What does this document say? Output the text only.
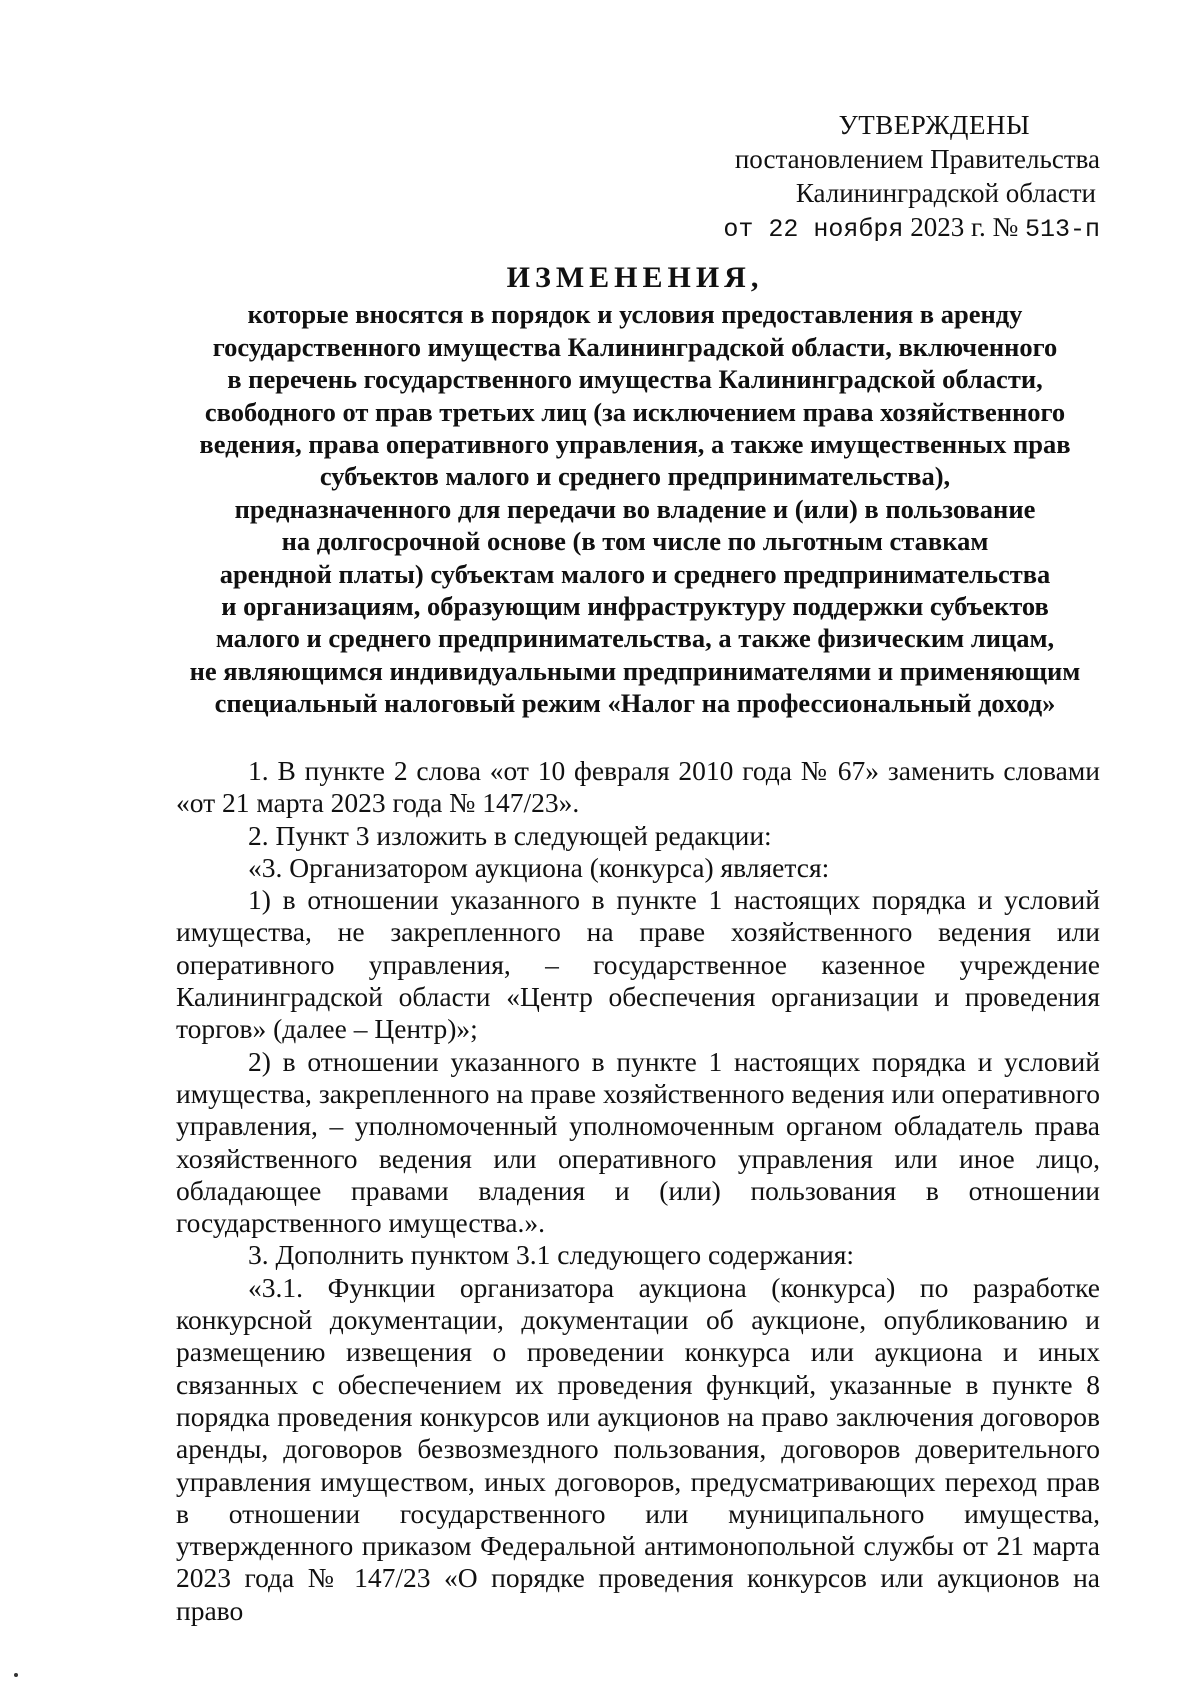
УТВЕРЖДЕНЫ
постановлением Правительства
Калининградской области
от 22 ноября 2023 г. № 513-п
ИЗМЕНЕНИЯ,
которые вносятся в порядок и условия предоставления в аренду
государственного имущества Калининградской области, включенного
в перечень государственного имущества Калининградской области,
свободного от прав третьих лиц (за исключением права хозяйственного
ведения, права оперативного управления, а также имущественных прав
субъектов малого и среднего предпринимательства),
предназначенного для передачи во владение и (или) в пользование
на долгосрочной основе (в том числе по льготным ставкам
арендной платы) субъектам малого и среднего предпринимательства
и организациям, образующим инфраструктуру поддержки субъектов
малого и среднего предпринимательства, а также физическим лицам,
не являющимся индивидуальными предпринимателями и применяющим
специальный налоговый режим «Налог на профессиональный доход»

1. В пункте 2 слова «от 10 февраля 2010 года № 67» заменить словами «от 21 марта 2023 года № 147/23».

2. Пункт 3 изложить в следующей редакции:

«3. Организатором аукциона (конкурса) является:

1) в отношении указанного в пункте 1 настоящих порядка и условий имущества, не закрепленного на праве хозяйственного ведения или оперативного управления, – государственное казенное учреждение Калининградской области «Центр обеспечения организации и проведения торгов» (далее – Центр)»;

2) в отношении указанного в пункте 1 настоящих порядка и условий имущества, закрепленного на праве хозяйственного ведения или оперативного управления, – уполномоченный уполномоченным органом обладатель права хозяйственного ведения или оперативного управления или иное лицо, обладающее правами владения и (или) пользования в отношении государственного имущества.».

3. Дополнить пунктом 3.1 следующего содержания:

«3.1. Функции организатора аукциона (конкурса) по разработке конкурсной документации, документации об аукционе, опубликованию и размещению извещения о проведении конкурса или аукциона и иных связанных с обеспечением их проведения функций, указанные в пункте 8 порядка проведения конкурсов или аукционов на право заключения договоров аренды, договоров безвозмездного пользования, договоров доверительного управления имуществом, иных договоров, предусматривающих переход прав в отношении государственного или муниципального имущества, утвержденного приказом Федеральной антимонопольной службы от 21 марта 2023 года № 147/23 «О порядке проведения конкурсов или аукционов на право
